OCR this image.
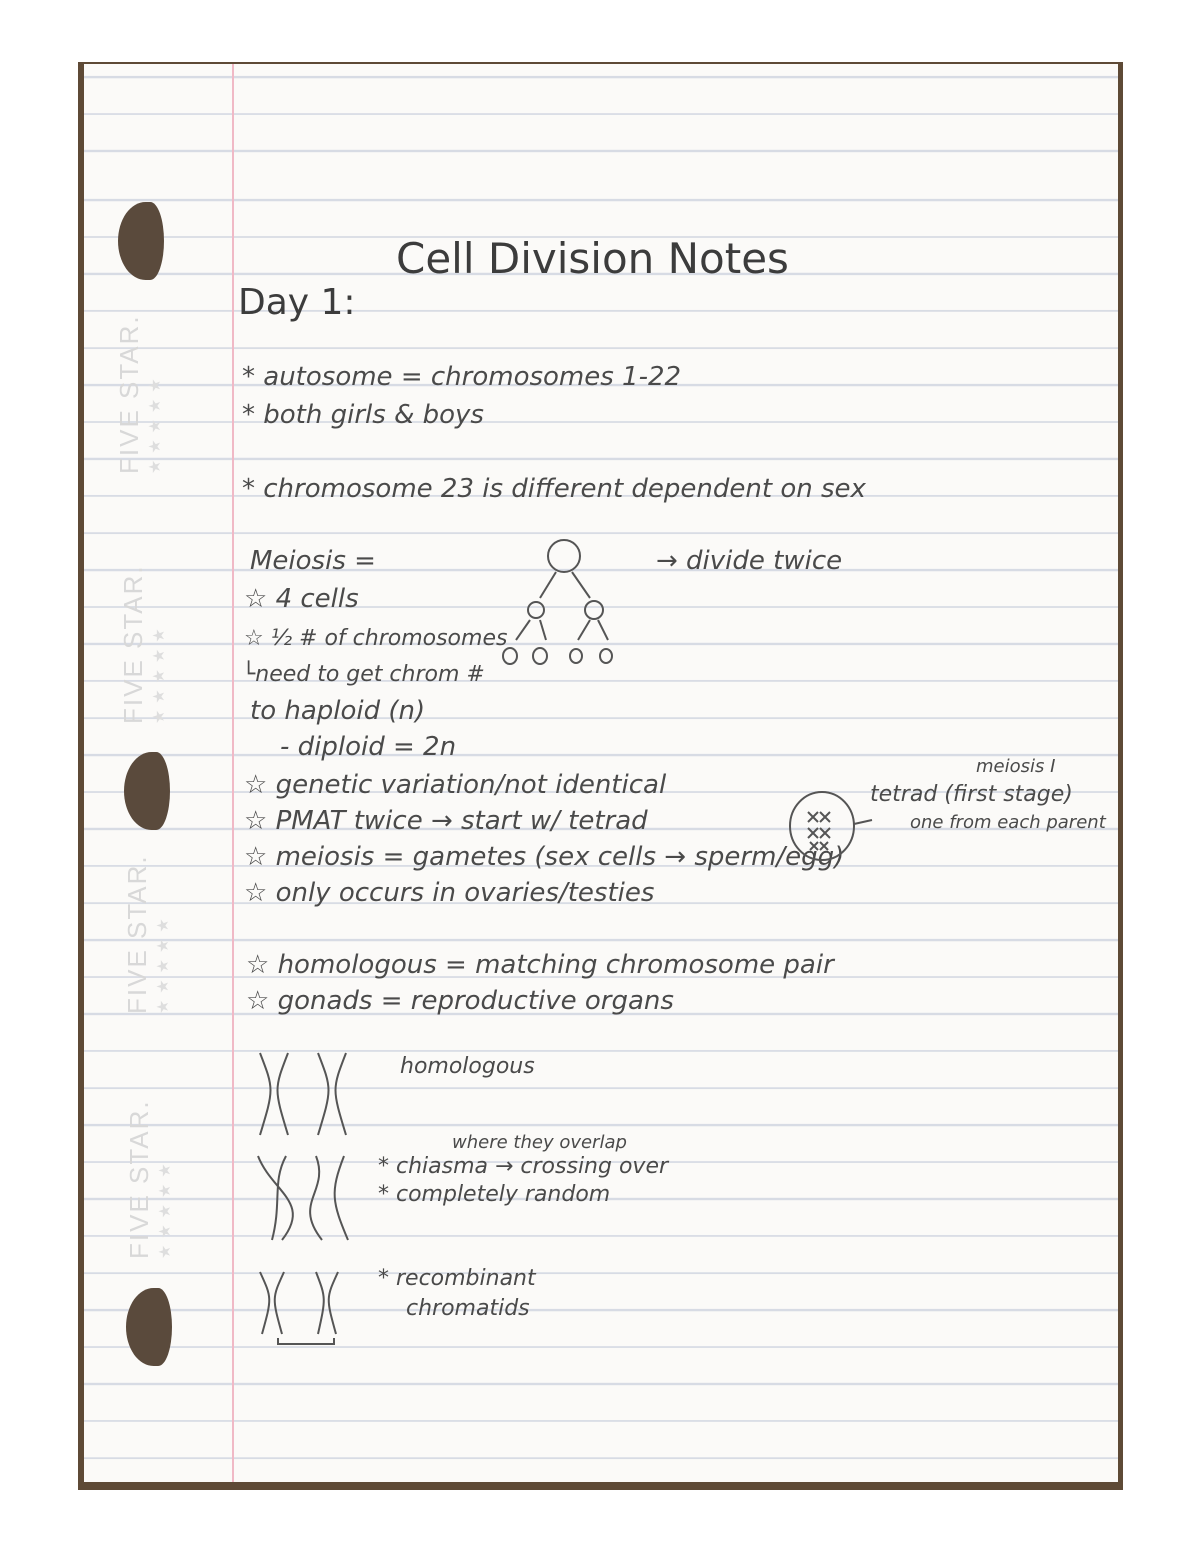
FIVE STAR. ★★★★★
FIVE STAR. ★★★★★
FIVE STAR. ★★★★★
FIVE STAR. ★★★★★
Cell Division Notes
Day 1:
* autosome = chromosomes 1-22
* both girls & boys
* chromosome 23 is different dependent on sex
Meiosis =	→ divide twice
☆ 4 cells
☆ ½ # of chromosomes
└need to get chrom #
to haploid (n)
- diploid = 2n
☆ genetic variation/not identical
☆ PMAT twice → start w/ tetrad
☆ meiosis = gametes (sex cells → sperm/egg)
☆ only occurs in ovaries/testies
☆ homologous = matching chromosome pair
☆ gonads = reproductive organs
meiosis I
tetrad (first stage)
one from each parent
homologous
where they overlap
* chiasma → crossing over
* completely random
* recombinant
chromatids
